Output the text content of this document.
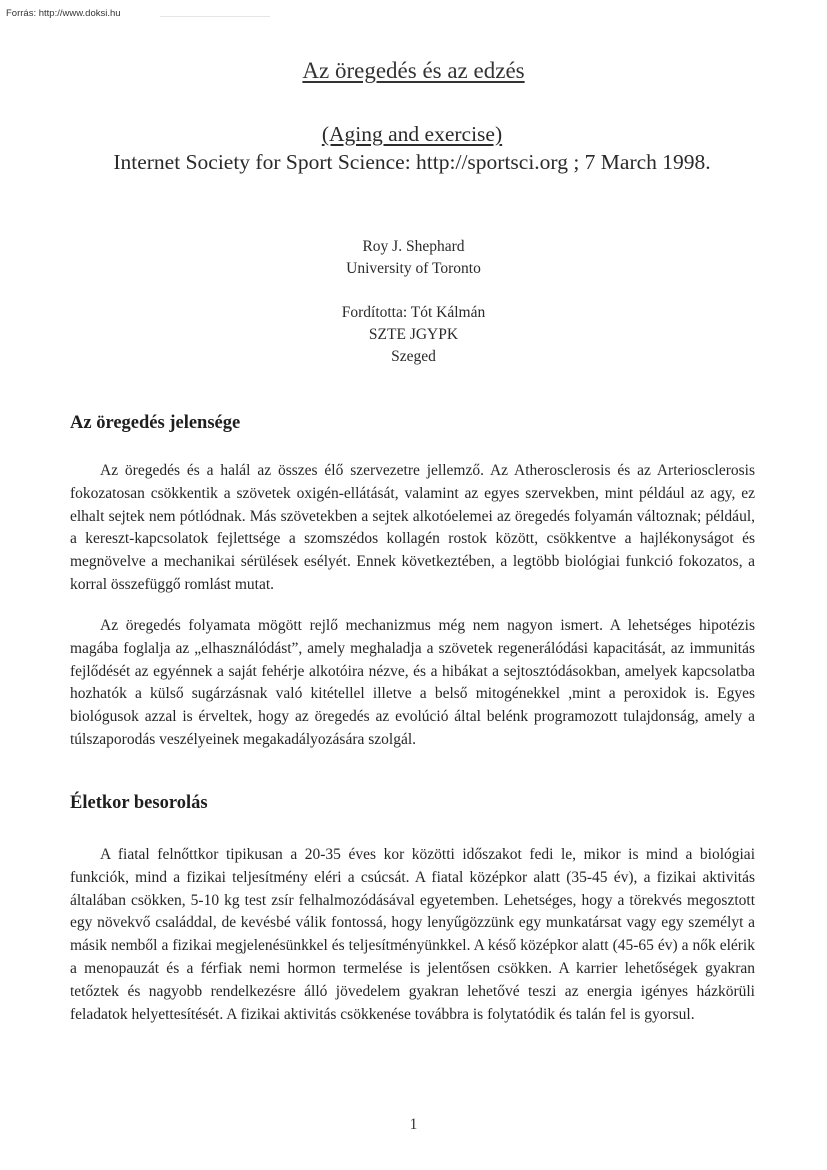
Forrás: http://www.doksi.hu
Az öregedés és az edzés
(Aging and exercise)
Internet Society for Sport Science: http://sportsci.org ; 7 March 1998.
Roy J. Shephard
University of Toronto
Fordította: Tót Kálmán
SZTE JGYPK
Szeged
Az öregedés jelensége

Az öregedés és a halál az összes élő szervezetre jellemző. Az Atherosclerosis és az Arteriosclerosis fokozatosan csökkentik a szövetek oxigén-ellátását, valamint az egyes szervekben, mint például az agy, ez elhalt sejtek nem pótlódnak. Más szövetekben a sejtek alkotóelemei az öregedés folyamán változnak; például, a kereszt-kapcsolatok fejlettsége a szomszédos kollagén rostok között, csökkentve a hajlékonyságot és megnövelve a mechanikai sérülések esélyét. Ennek következtében, a legtöbb biológiai funkció fokozatos, a korral összefüggő romlást mutat.

Az öregedés folyamata mögött rejlő mechanizmus még nem nagyon ismert. A lehetséges hipotézis magába foglalja az „elhasználódást”, amely meghaladja a szövetek regenerálódási kapacitását, az immunitás fejlődését az egyénnek a saját fehérje alkotóira nézve, és a hibákat a sejtosztódásokban, amelyek kapcsolatba hozhatók a külső sugárzásnak való kitétellel illetve a belső mitogénekkel ,mint a peroxidok is. Egyes biológusok azzal is érveltek, hogy az öregedés az evolúció által belénk programozott tulajdonság, amely a túlszaporodás veszélyeinek megakadályozására szolgál.

Életkor besorolás

A fiatal felnőttkor tipikusan a 20-35 éves kor közötti időszakot fedi le, mikor is mind a biológiai funkciók, mind a fizikai teljesítmény eléri a csúcsát. A fiatal középkor alatt (35-45 év), a fizikai aktivitás általában csökken, 5-10 kg test zsír felhalmozódásával egyetemben. Lehetséges, hogy a törekvés megosztott egy növekvő családdal, de kevésbé válik fontossá, hogy lenyűgözzünk egy munkatársat vagy egy személyt a másik nemből a fizikai megjelenésünkkel és teljesítményünkkel. A késő középkor alatt (45-65 év) a nők elérik a menopauzát és a férfiak nemi hormon termelése is jelentősen csökken. A karrier lehetőségek gyakran tetőztek és nagyobb rendelkezésre álló jövedelem gyakran lehetővé teszi az energia igényes házkörüli feladatok helyettesítését. A fizikai aktivitás csökkenése továbbra is folytatódik és talán fel is gyorsul.

1
